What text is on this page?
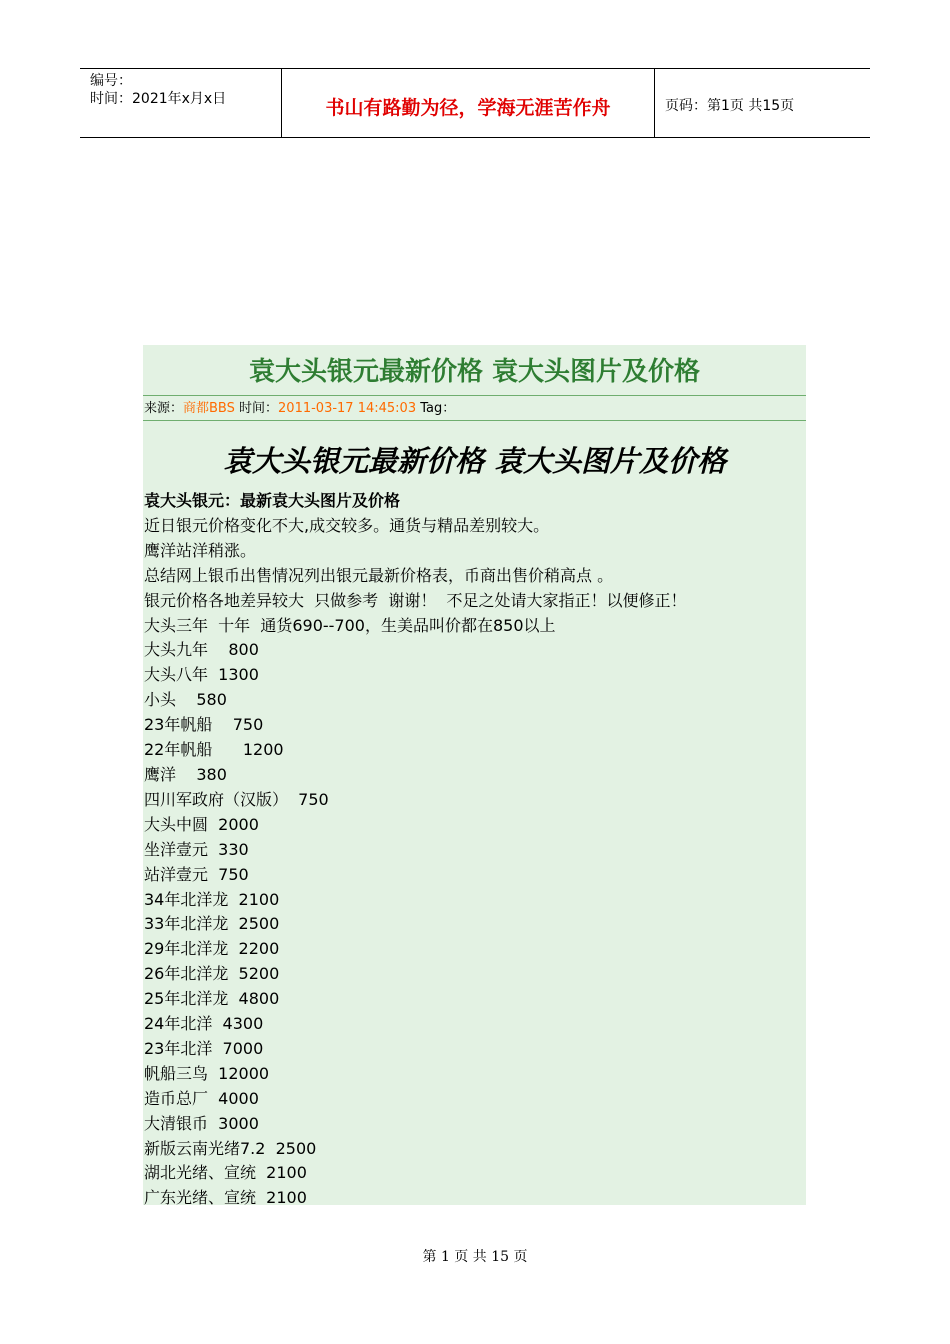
编号：
时间：2021年x月x日	书山有路勤为径，学海无涯苦作舟	页码：第1页 共15页
袁大头银元最新价格 袁大头图片及价格
来源：商都BBS 时间：2011-03-17 14:45:03 Tag：
袁大头银元最新价格 袁大头图片及价格
袁大头银元：最新袁大头图片及价格
近日银元价格变化不大,成交较多。通货与精品差别较大。
鹰洋站洋稍涨。
总结网上银币出售情况列出银元最新价格表，币商出售价稍高点 。
银元价格各地差异较大  只做参考  谢谢！  不足之处请大家指正！以便修正！
大头三年  十年  通货690--700，生美品叫价都在850以上
大头九年    800
大头八年  1300
小头    580
23年帆船    750
22年帆船      1200
鹰洋    380
四川军政府（汉版）  750
大头中圆  2000
坐洋壹元  330
站洋壹元  750
34年北洋龙  2100
33年北洋龙  2500
29年北洋龙  2200
26年北洋龙  5200
25年北洋龙  4800
24年北洋  4300
23年北洋  7000
帆船三鸟  12000
造币总厂  4000
大清银币  3000
新版云南光绪7.2  2500
湖北光绪、宣统  2100
广东光绪、宣统  2100
第 1 页 共 15 页
